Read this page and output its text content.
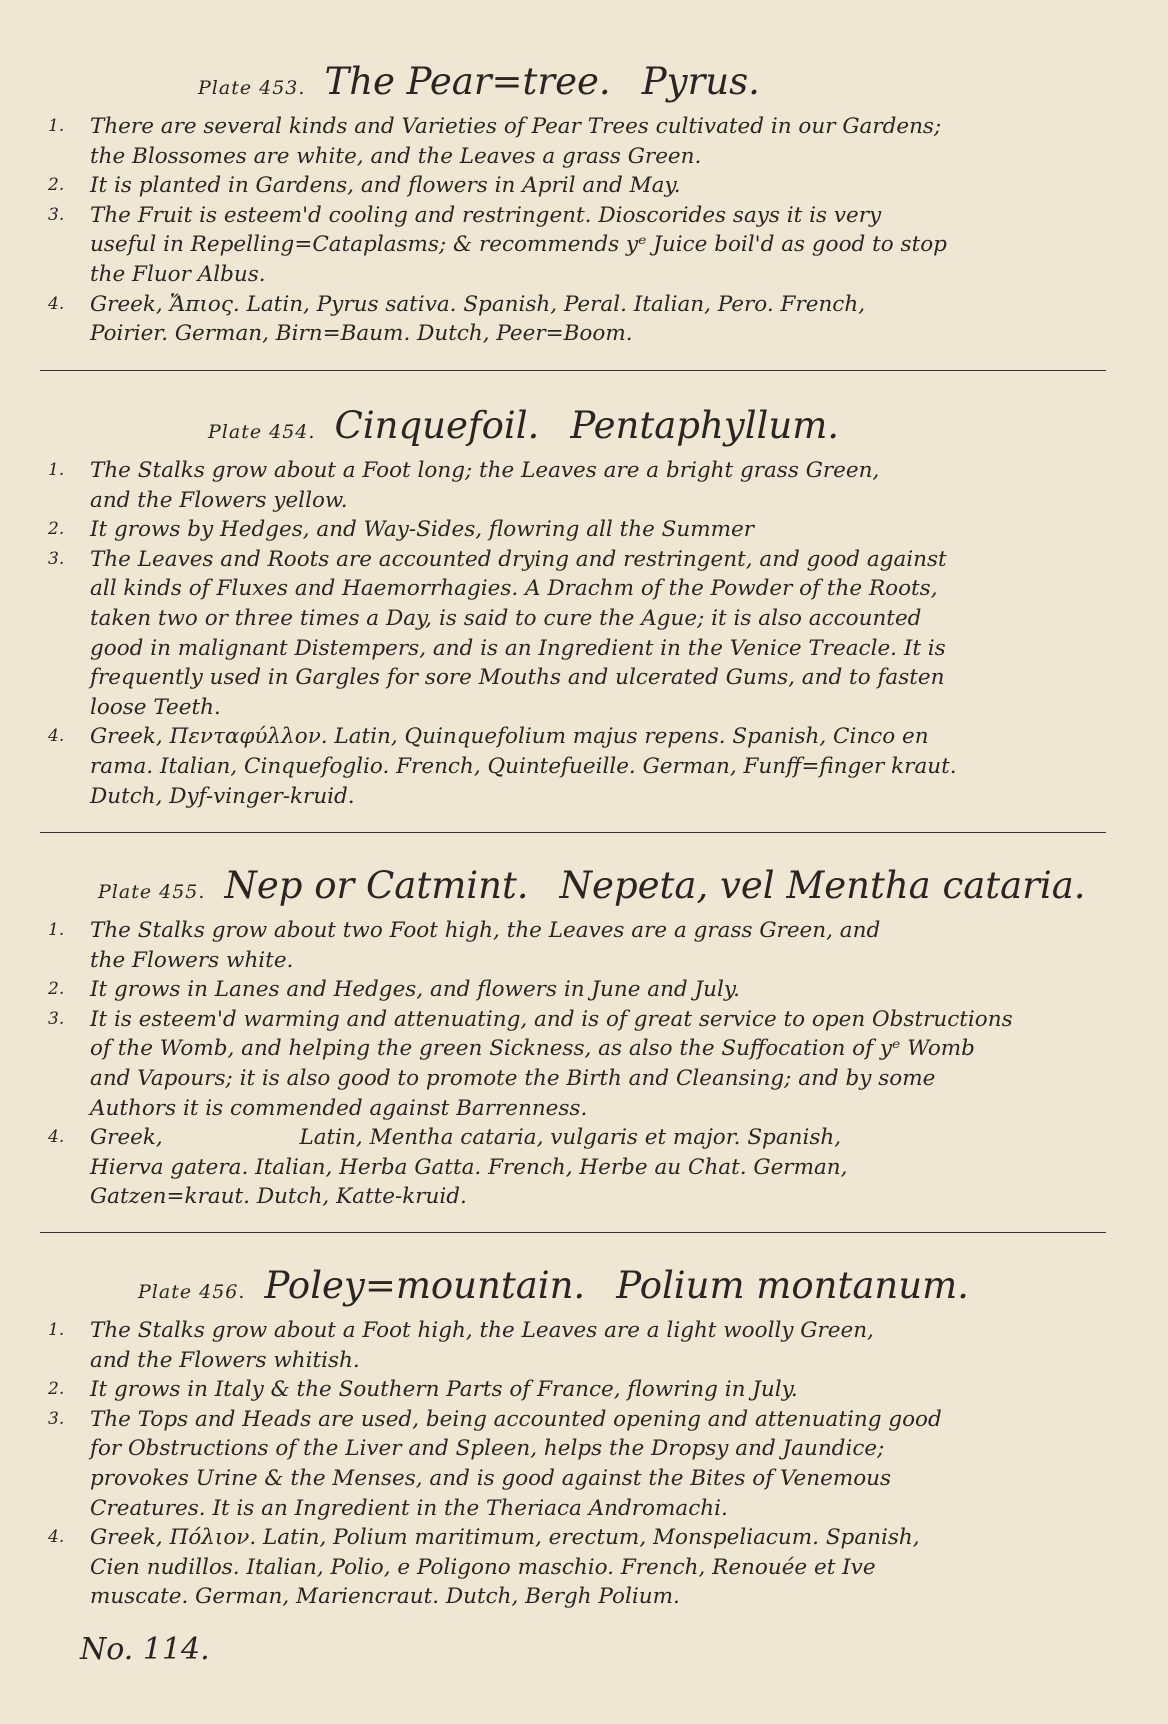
Plate 453. The Pear=tree. Pyrus.
1. There are several kinds and Varieties of Pear Trees cultivated in our Gardens;
the Blossomes are white, and the Leaves a grass Green.
2. It is planted in Gardens, and flowers in April and May.
3. The Fruit is esteem'd cooling and restringent. Dioscorides says it is very
useful in Repelling=Cataplasms; & recommends yᵉ Juice boil'd as good to stop
the Fluor Albus.
4. Greek, Ἄπιος. Latin, Pyrus sativa. Spanish, Peral. Italian, Pero. French,
Poirier. German, Birn=Baum. Dutch, Peer=Boom.
Plate 454. Cinquefoil. Pentaphyllum.
1. The Stalks grow about a Foot long; the Leaves are a bright grass Green,
and the Flowers yellow.
2. It grows by Hedges, and Way-Sides, flowring all the Summer
3. The Leaves and Roots are accounted drying and restringent, and good against
all kinds of Fluxes and Haemorrhagies. A Drachm of the Powder of the Roots,
taken two or three times a Day, is said to cure the Ague; it is also accounted
good in malignant Distempers, and is an Ingredient in the Venice Treacle. It is
frequently used in Gargles for sore Mouths and ulcerated Gums, and to fasten
loose Teeth.
4. Greek, Πενταφύλλον. Latin, Quinquefolium majus repens. Spanish, Cinco en
rama. Italian, Cinquefoglio. French, Quintefueille. German, Funff=finger kraut.
Dutch, Dyf-vinger-kruid.
Plate 455. Nep or Catmint. Nepeta, vel Mentha cataria.
1. The Stalks grow about two Foot high, the Leaves are a grass Green, and
the Flowers white.
2. It grows in Lanes and Hedges, and flowers in June and July.
3. It is esteem'd warming and attenuating, and is of great service to open Obstructions
of the Womb, and helping the green Sickness, as also the Suffocation of yᵉ Womb
and Vapours; it is also good to promote the Birth and Cleansing; and by some
Authors it is commended against Barrenness.
4. Greek,                    Latin, Mentha cataria, vulgaris et major. Spanish,
Hierva gatera. Italian, Herba Gatta. French, Herbe au Chat. German,
Gatzen=kraut. Dutch, Katte-kruid.
Plate 456. Poley=mountain. Polium montanum.
1. The Stalks grow about a Foot high, the Leaves are a light woolly Green,
and the Flowers whitish.
2. It grows in Italy & the Southern Parts of France, flowring in July.
3. The Tops and Heads are used, being accounted opening and attenuating good
for Obstructions of the Liver and Spleen, helps the Dropsy and Jaundice;
provokes Urine & the Menses, and is good against the Bites of Venemous
Creatures. It is an Ingredient in the Theriaca Andromachi.
4. Greek, Πόλιον. Latin, Polium maritimum, erectum, Monspeliacum. Spanish,
Cien nudillos. Italian, Polio, e Poligono maschio. French, Renouée et Ive
muscate. German, Mariencraut. Dutch, Bergh Polium.
No. 114.
